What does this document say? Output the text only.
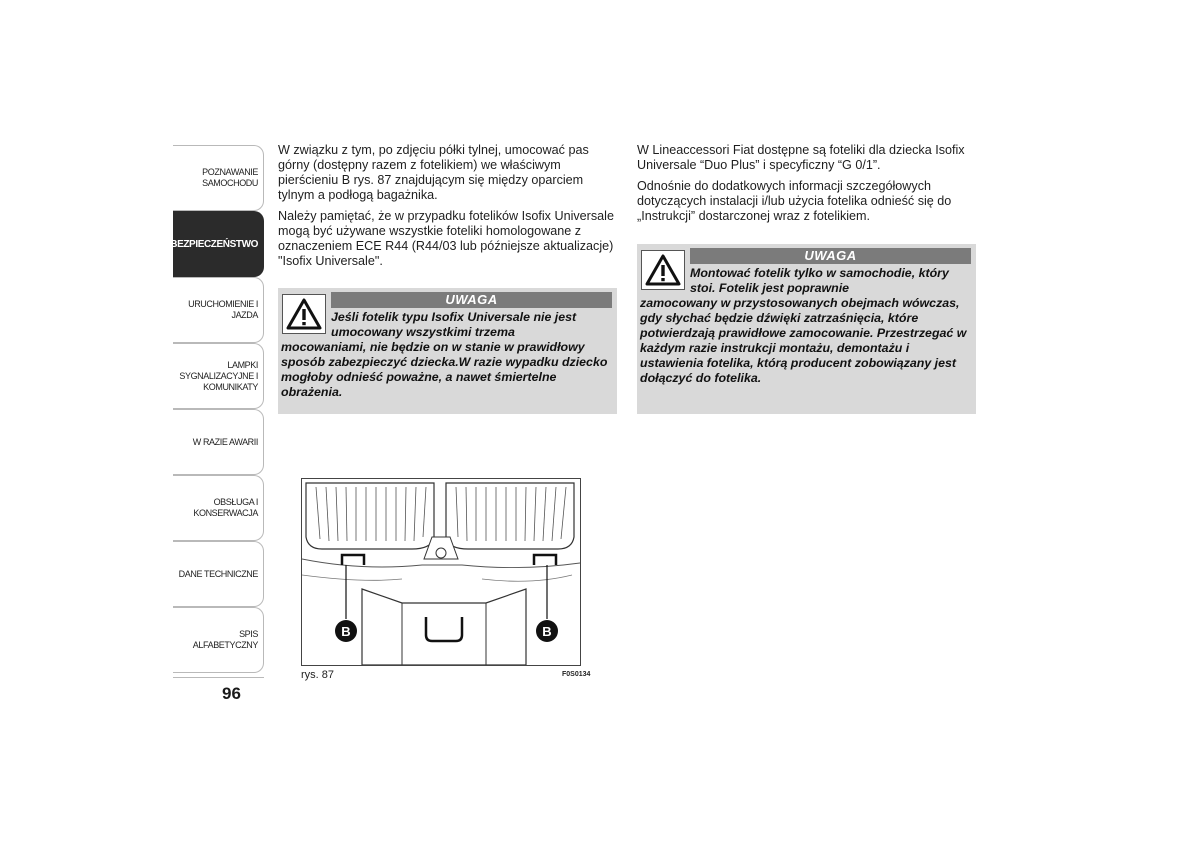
POZNAWANIE
SAMOCHODU
BEZPIECZEŃSTWO
URUCHOMIENIE I
JAZDA
LAMPKI
SYGNALIZACYJNE I
KOMUNIKATY
W RAZIE AWARII
OBSŁUGA I
KONSERWACJA
DANE TECHNICZNE
SPIS ALFABETYCZNY
96

W związku z tym, po zdjęciu półki tylnej, umocować pas górny (dostępny razem z fotelikiem) we właściwym pierścieniu B rys. 87 znajdującym się między oparciem tylnym a podłogą bagażnika.

Należy pamiętać, że w przypadku fotelików Isofix Universale mogą być używane wszystkie foteliki homologowane z oznaczeniem ECE R44 (R44/03 lub późniejsze aktualizacje) "Isofix Universale".

UWAGA
Jeśli fotelik typu Isofix Universale nie jest umocowany wszystkimi trzema
mocowaniami, nie będzie on w stanie w prawidłowy sposób zabezpieczyć dziecka.W razie wypadku dziecko mogłoby odnieść poważne, a nawet śmiertelne obrażenia.
B	B
rys. 87	F0S0134

W Lineaccessori Fiat dostępne są foteliki dla dziecka Isofix Universale “Duo Plus” i specyficzny “G 0/1”.

Odnośnie do dodatkowych informacji szczegółowych dotyczących instalacji i/lub użycia fotelika odnieść się do „Instrukcji” dostarczonej wraz z fotelikiem.

UWAGA
Montować fotelik tylko w samochodie, który stoi. Fotelik jest poprawnie
zamocowany w przystosowanych obejmach wówczas, gdy słychać będzie dźwięki zatrzaśnięcia, które potwierdzają prawidłowe zamocowanie. Przestrzegać w każdym razie instrukcji montażu, demontażu i ustawienia fotelika, którą producent zobowiązany jest dołączyć do fotelika.
